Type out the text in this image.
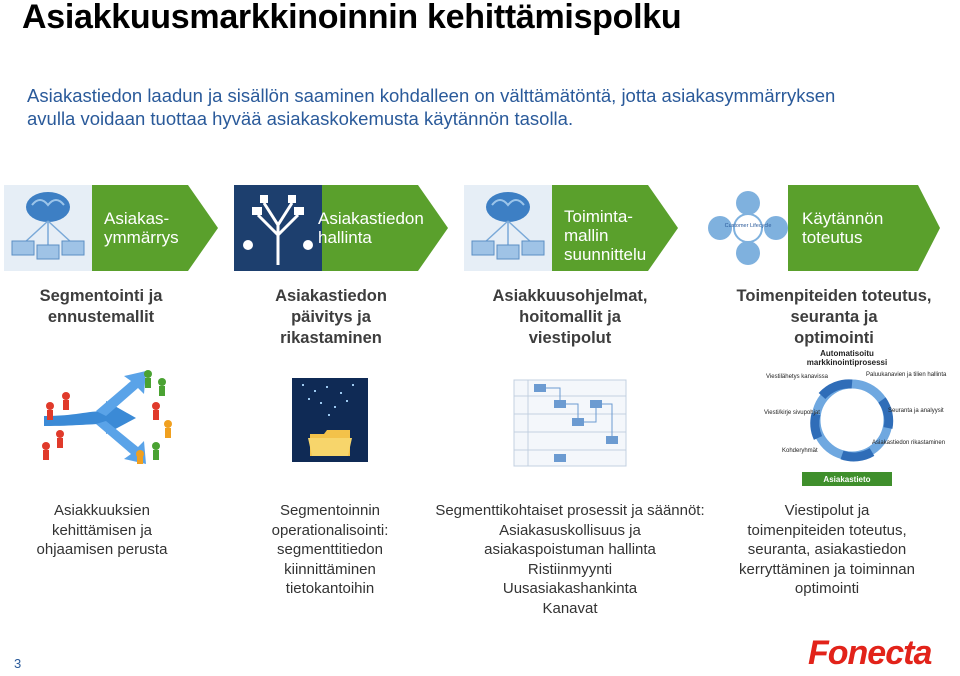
Asiakkuusmarkkinoinnin kehittämispolku
Asiakastiedon laadun ja sisällön saaminen kohdalleen on välttämätöntä, jotta asiakasymmärryksen
avulla voidaan tuottaa hyvää asiakaskokemusta käytännön tasolla.
Asiakas-
ymmärrys
Asiakastiedon
hallinta
Toiminta-
mallin
suunnittelu
Customer Lifecycle Käytännön
toteutus
Segmentointi ja
ennustemallit
Asiakastiedon
päivitys ja
rikastaminen
Asiakkuusohjelmat,
hoitomallit ja
viestipolut
Toimenpiteiden toteutus,
seuranta ja
optimointi
Automatisoitu
markkinointiprosessi
Viestilähetys kanavissa	Paluukanavien ja tilien hallinta
Viesti/kirje sivupohjat	Seuranta ja analyysit
Kohderyhmät
Asiakastiedon rikastaminen
Asiakastieto
Asiakkuuksien
kehittämisen ja
ohjaamisen perusta
Segmentoinnin
operationalisointi:
segmenttitiedon
kiinnittäminen
tietokantoihin
Segmenttikohtaiset prosessit ja säännöt:
Asiakasuskollisuus ja
asiakaspoistuman hallinta
Ristiinmyynti
Uusasiakashankinta
Kanavat
Viestipolut ja
toimenpiteiden toteutus,
seuranta, asiakastiedon
kerryttäminen ja toiminnan
optimointi
3	Fonecta
